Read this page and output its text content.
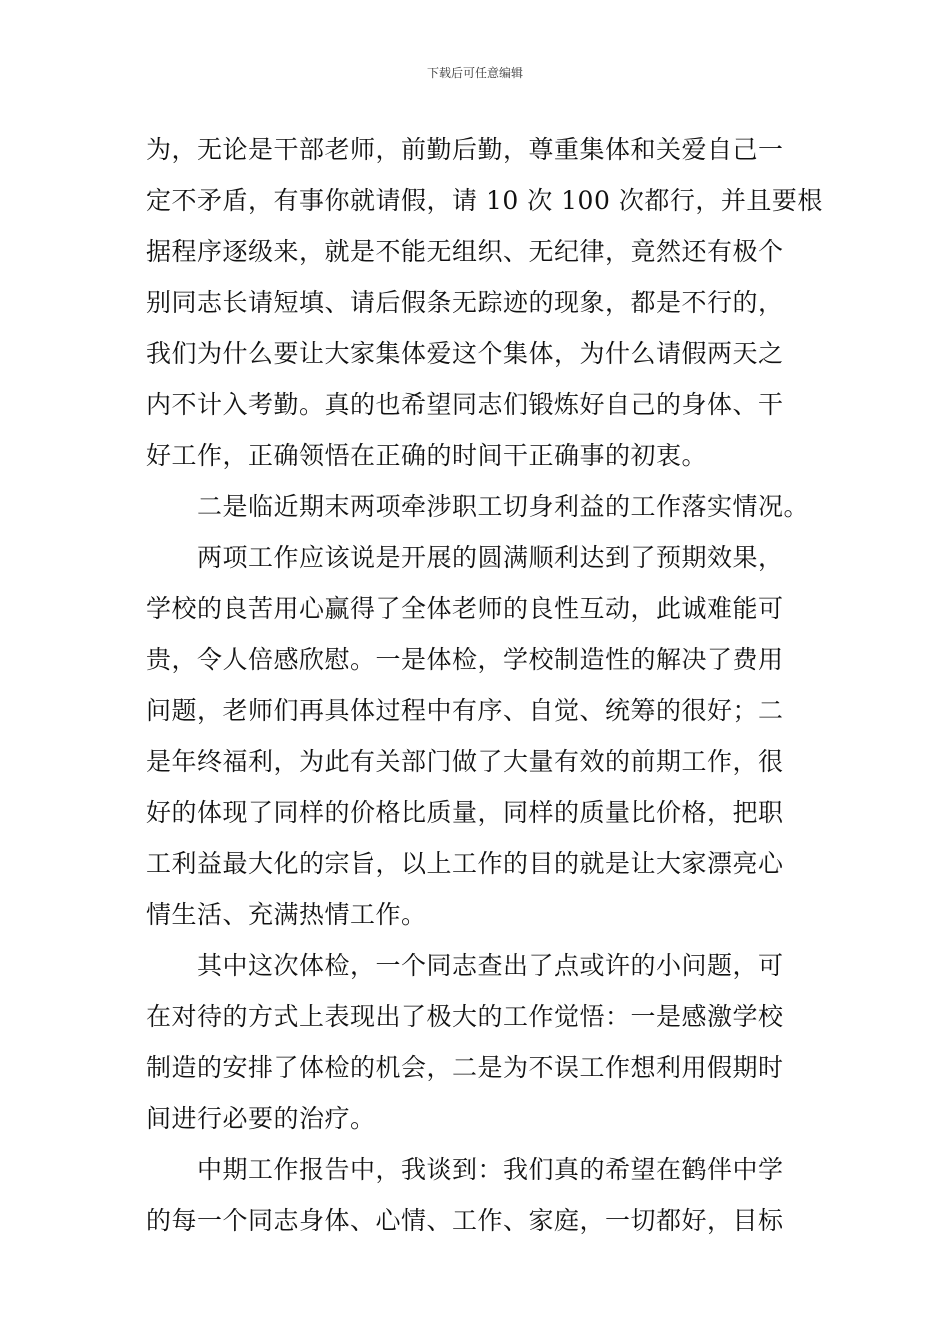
下载后可任意编辑
为，无论是干部老师，前勤后勤，尊重集体和关爱自己一
定不矛盾，有事你就请假，请 10 次 100 次都行，并且要根
据程序逐级来，就是不能无组织、无纪律，竟然还有极个
别同志长请短填、请后假条无踪迹的现象，都是不行的，
我们为什么要让大家集体爱这个集体，为什么请假两天之
内不计入考勤。真的也希望同志们锻炼好自己的身体、干
好工作，正确领悟在正确的时间干正确事的初衷。
二是临近期末两项牵涉职工切身利益的工作落实情况。
两项工作应该说是开展的圆满顺利达到了预期效果，
学校的良苦用心赢得了全体老师的良性互动，此诚难能可
贵，令人倍感欣慰。一是体检，学校制造性的解决了费用
问题，老师们再具体过程中有序、自觉、统筹的很好；二
是年终福利，为此有关部门做了大量有效的前期工作，很
好的体现了同样的价格比质量，同样的质量比价格，把职
工利益最大化的宗旨，以上工作的目的就是让大家漂亮心
情生活、充满热情工作。
其中这次体检，一个同志查出了点或许的小问题，可
在对待的方式上表现出了极大的工作觉悟：一是感激学校
制造的安排了体检的机会，二是为不误工作想利用假期时
间进行必要的治疗。
中期工作报告中，我谈到：我们真的希望在鹤伴中学
的每一个同志身体、心情、工作、家庭，一切都好，目标
